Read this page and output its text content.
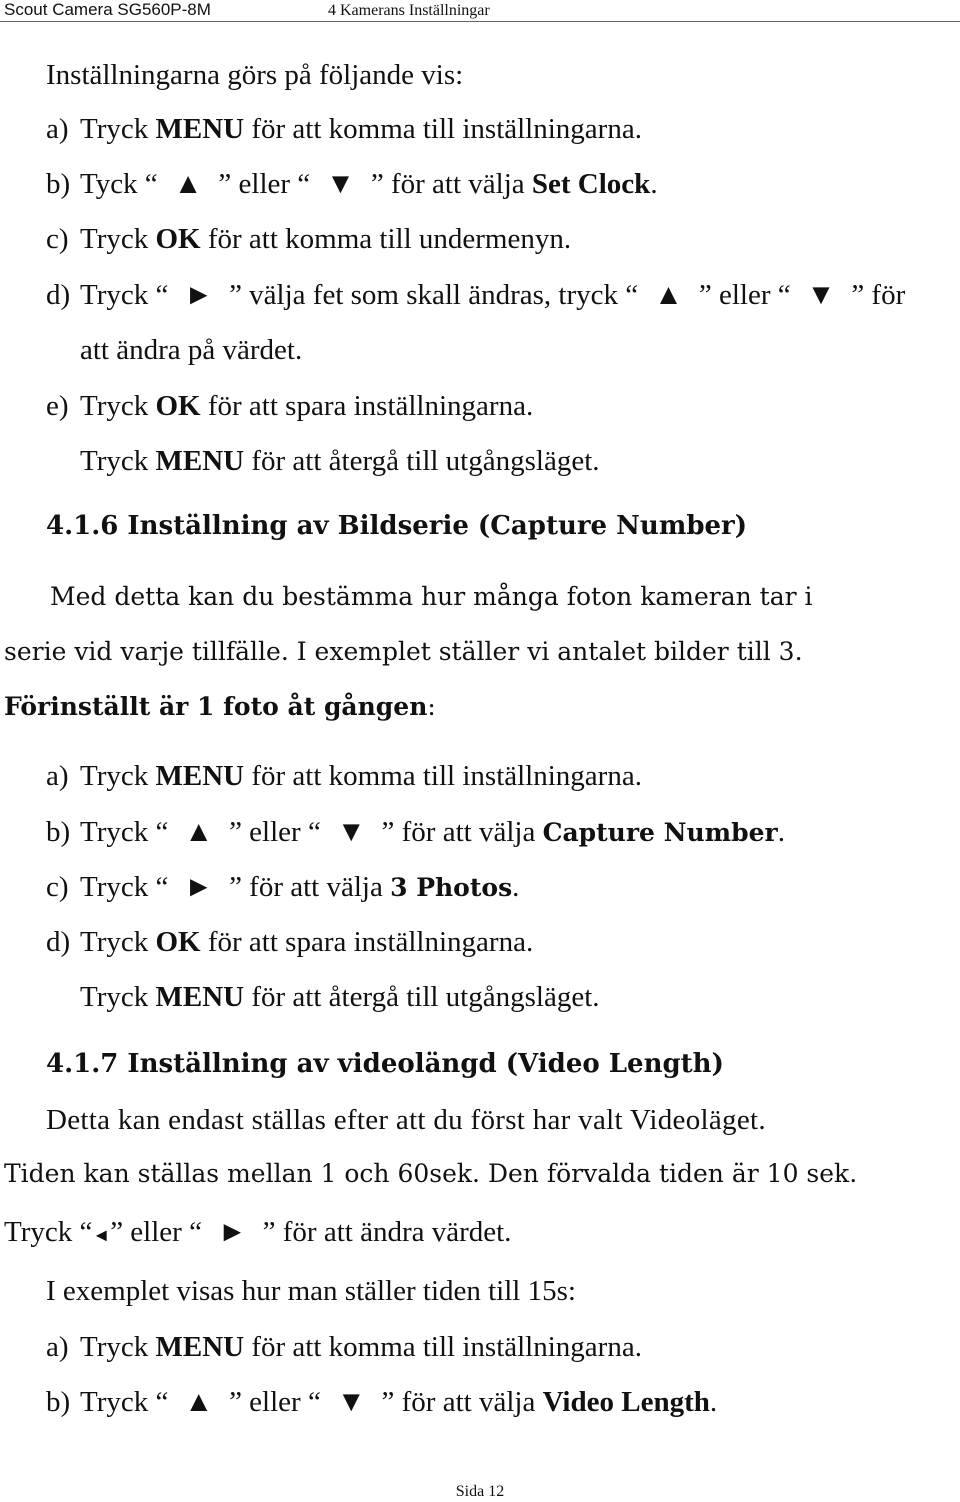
Scout Camera SG560P-8M	4 Kamerans Inställningar
Inställningarna görs på följande vis:
a) Tryck MENU för att komma till inställningarna.
b) Tyck “ ▲ ” eller “ ▼ ” för att välja Set Clock.
c) Tryck OK för att komma till undermenyn.
d) Tryck “ ► ” välja fet som skall ändras, tryck “ ▲ ” eller “ ▼ ” för
att ändra på värdet.
e) Tryck OK för att spara inställningarna.
Tryck MENU för att återgå till utgångsläget.
4.1.6 Inställning av Bildserie (Capture Number)
Med detta kan du bestämma hur många foton kameran tar i
serie vid varje tillfälle. I exemplet ställer vi antalet bilder till 3.
Förinställt är 1 foto åt gången:
a) Tryck MENU för att komma till inställningarna.
b) Tryck “ ▲ ” eller “ ▼ ” för att välja Capture Number.
c) Tryck “ ► ” för att välja 3 Photos.
d) Tryck OK för att spara inställningarna.
Tryck MENU för att återgå till utgångsläget.
4.1.7 Inställning av videolängd (Video Length)
Detta kan endast ställas efter att du först har valt Videoläget.
Tiden kan ställas mellan 1 och 60sek. Den förvalda tiden är 10 sek.
Tryck “◄” eller “ ► ” för att ändra värdet.
I exemplet visas hur man ställer tiden till 15s:
a) Tryck MENU för att komma till inställningarna.
b) Tryck “ ▲ ” eller “ ▼ ” för att välja Video Length.
Sida 12
